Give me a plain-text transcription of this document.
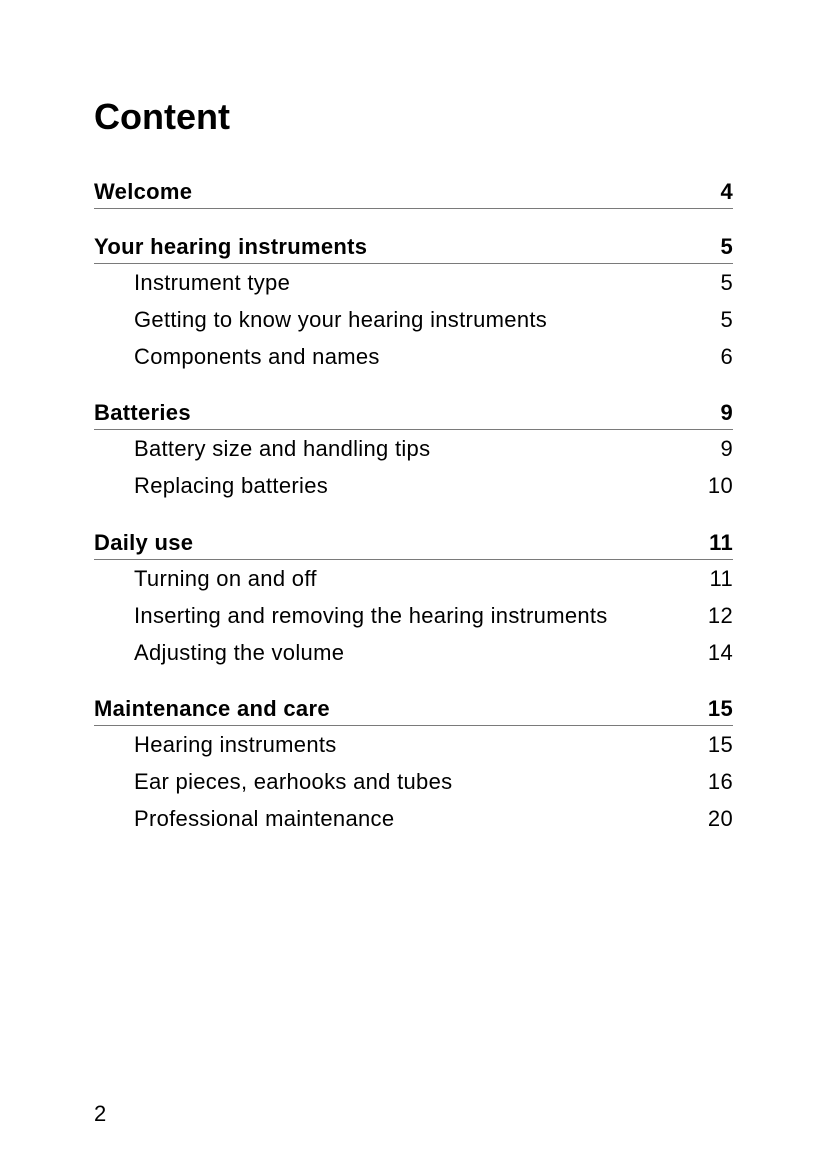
Content
Welcome	4
Your hearing instruments	5
Instrument type	5
Getting to know your hearing instruments	5
Components and names	6
Batteries	9
Battery size and handling tips	9
Replacing batteries	10
Daily use	11
Turning on and off	11
Inserting and removing the hearing instruments	12
Adjusting the volume	14
Maintenance and care	15
Hearing instruments	15
Ear pieces, earhooks and tubes	16
Professional maintenance	20
2
